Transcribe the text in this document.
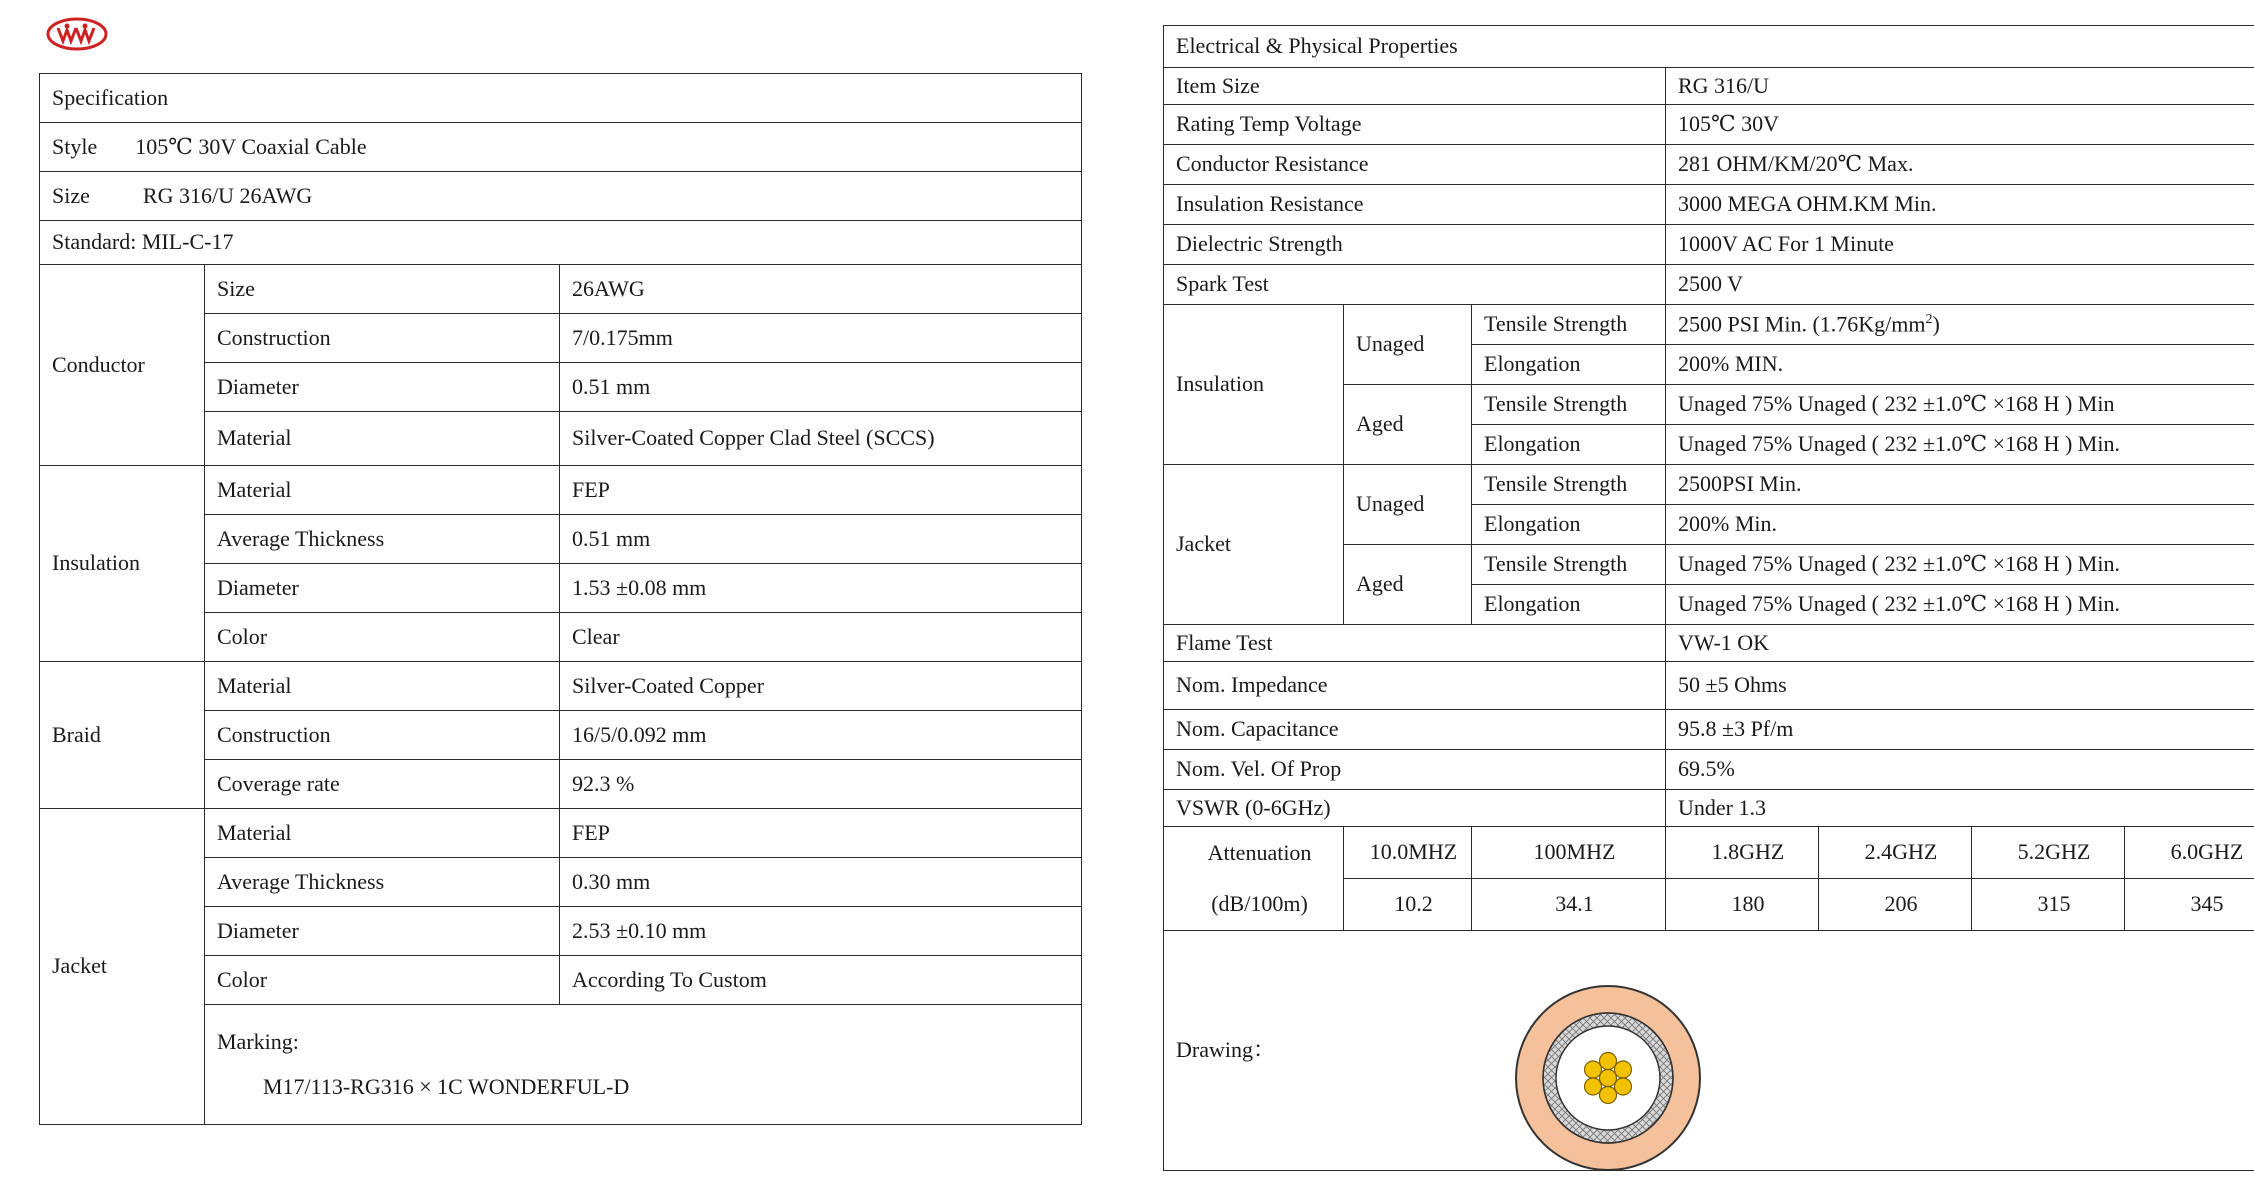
Specification		
Style 105℃ 30V Coaxial Cable		

Size RG 316/U 26AWG		

Standard: MIL-C-17		
Conductor	Size	26AWG
	Construction	7/0.175mm
	Diameter	0.51 mm
	Material	Silver-Coated Copper Clad Steel (SCCS)
Insulation	Material	FEP
	Average Thickness	0.51 mm
	Diameter	1.53 ±0.08 mm
	Color	Clear
Braid	Material	Silver-Coated Copper
	Construction	16/5/0.092 mm
	Coverage rate	92.3 %
Jacket	Material	FEP
	Average Thickness	0.30 mm
	Diameter	2.53 ±0.10 mm
	Color	According To Custom
	Marking:
M17/113-RG316 × 1C WONDERFUL-D	
Electrical & Physical Properties						
Item Size			RG 316/U			
Rating Temp Voltage			105℃ 30V			
Conductor Resistance			281 OHM/KM/20℃ Max.			
Insulation Resistance			3000 MEGA OHM.KM Min.			
Dielectric Strength			1000V AC For 1 Minute			
Spark Test			2500 V			
Insulation	Unaged	Tensile Strength	2500 PSI Min. $(1.76Kg/mm^2)$			
		Elongation	200% MIN.			
	Aged	Tensile Strength	Unaged 75% Unaged ( 232 ±1.0℃ ×168 H ) Min			
		Elongation	Unaged 75% Unaged ( 232 ±1.0℃ ×168 H ) Min.			
Jacket	Unaged	Tensile Strength	2500PSI Min.			
		Elongation	200% Min.			
	Aged	Tensile Strength	Unaged 75% Unaged ( 232 ±1.0℃ ×168 H ) Min.			
		Elongation	Unaged 75% Unaged ( 232 ±1.0℃ ×168 H ) Min.			
Flame Test			VW-1 OK			
Nom. Impedance			50 ±5 Ohms			
Nom. Capacitance			95.8 ±3 Pf/m			
Nom. Vel. Of Prop			69.5%			
VSWR (0-6GHz)			Under 1.3			
Attenuation	10.0MHZ	100MHZ	1.8GHZ	2.4GHZ	5.2GHZ	6.0GHZ
(dB/100m)	10.2	34.1	180	206	315	345
Drawing：						
